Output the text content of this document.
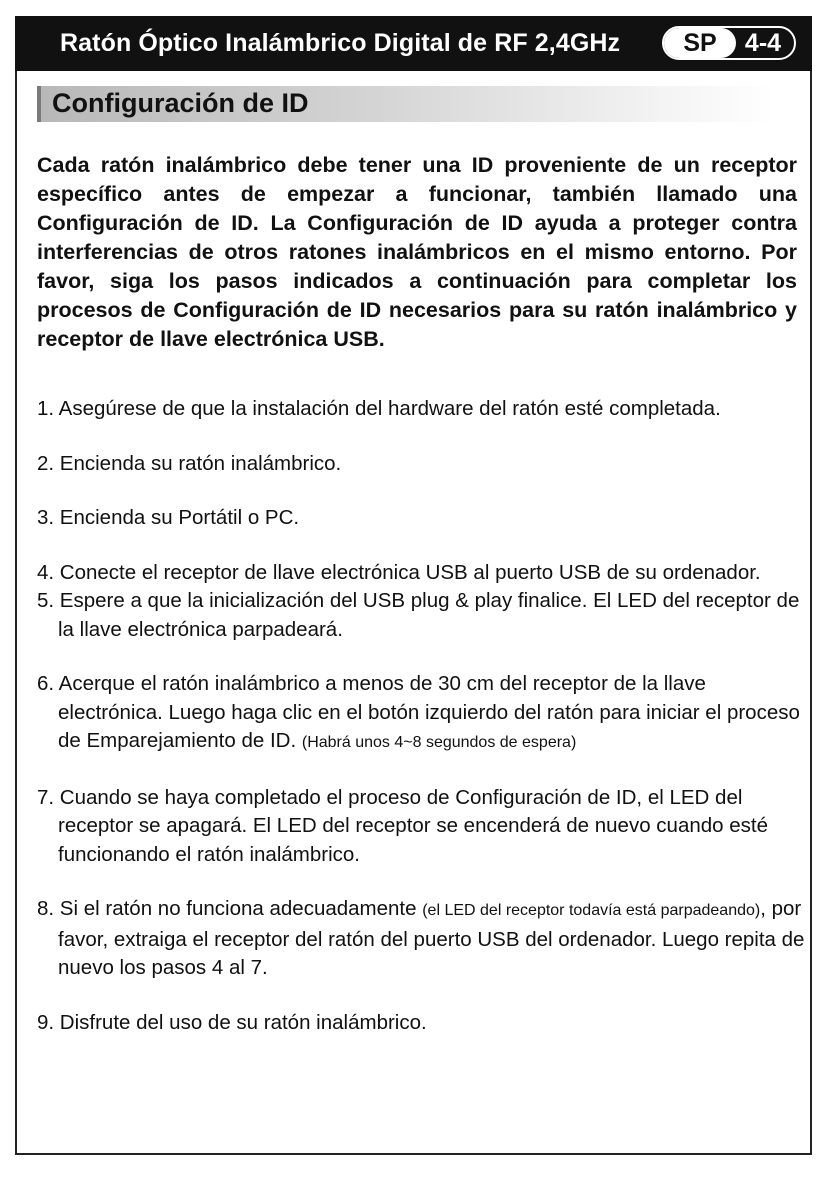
Ratón Óptico Inalámbrico Digital de RF 2,4GHz	SP	4-4
Configuración de ID
Cada ratón inalámbrico debe tener una ID proveniente de un receptor específico antes de empezar a funcionar, también llamado una Configuración de ID. La Configuración de ID ayuda a proteger contra interferencias de otros ratones inalámbricos en el mismo entorno. Por favor, siga los pasos indicados a continuación para completar los procesos de Configuración de ID necesarios para su ratón inalámbrico y receptor de llave electrónica USB.
1. Asegúrese de que la instalación del hardware del ratón esté completada.
2. Encienda su ratón inalámbrico.
3. Encienda su Portátil o PC.
4. Conecte el receptor de llave electrónica USB al puerto USB de su ordenador.
5. Espere a que la inicialización del USB plug & play finalice. El LED del receptor de la llave electrónica parpadeará.
6. Acerque el ratón inalámbrico a menos de 30 cm del receptor de la llave electrónica. Luego haga clic en el botón izquierdo del ratón para iniciar el proceso de Emparejamiento de ID. (Habrá unos 4~8 segundos de espera)
7. Cuando se haya completado el proceso de Configuración de ID, el LED del receptor se apagará. El LED del receptor se encenderá de nuevo cuando esté funcionando el ratón inalámbrico.
8. Si el ratón no funciona adecuadamente (el LED del receptor todavía está parpadeando), por favor, extraiga el receptor del ratón del puerto USB del ordenador. Luego repita de nuevo los pasos 4 al 7.
9. Disfrute del uso de su ratón inalámbrico.
